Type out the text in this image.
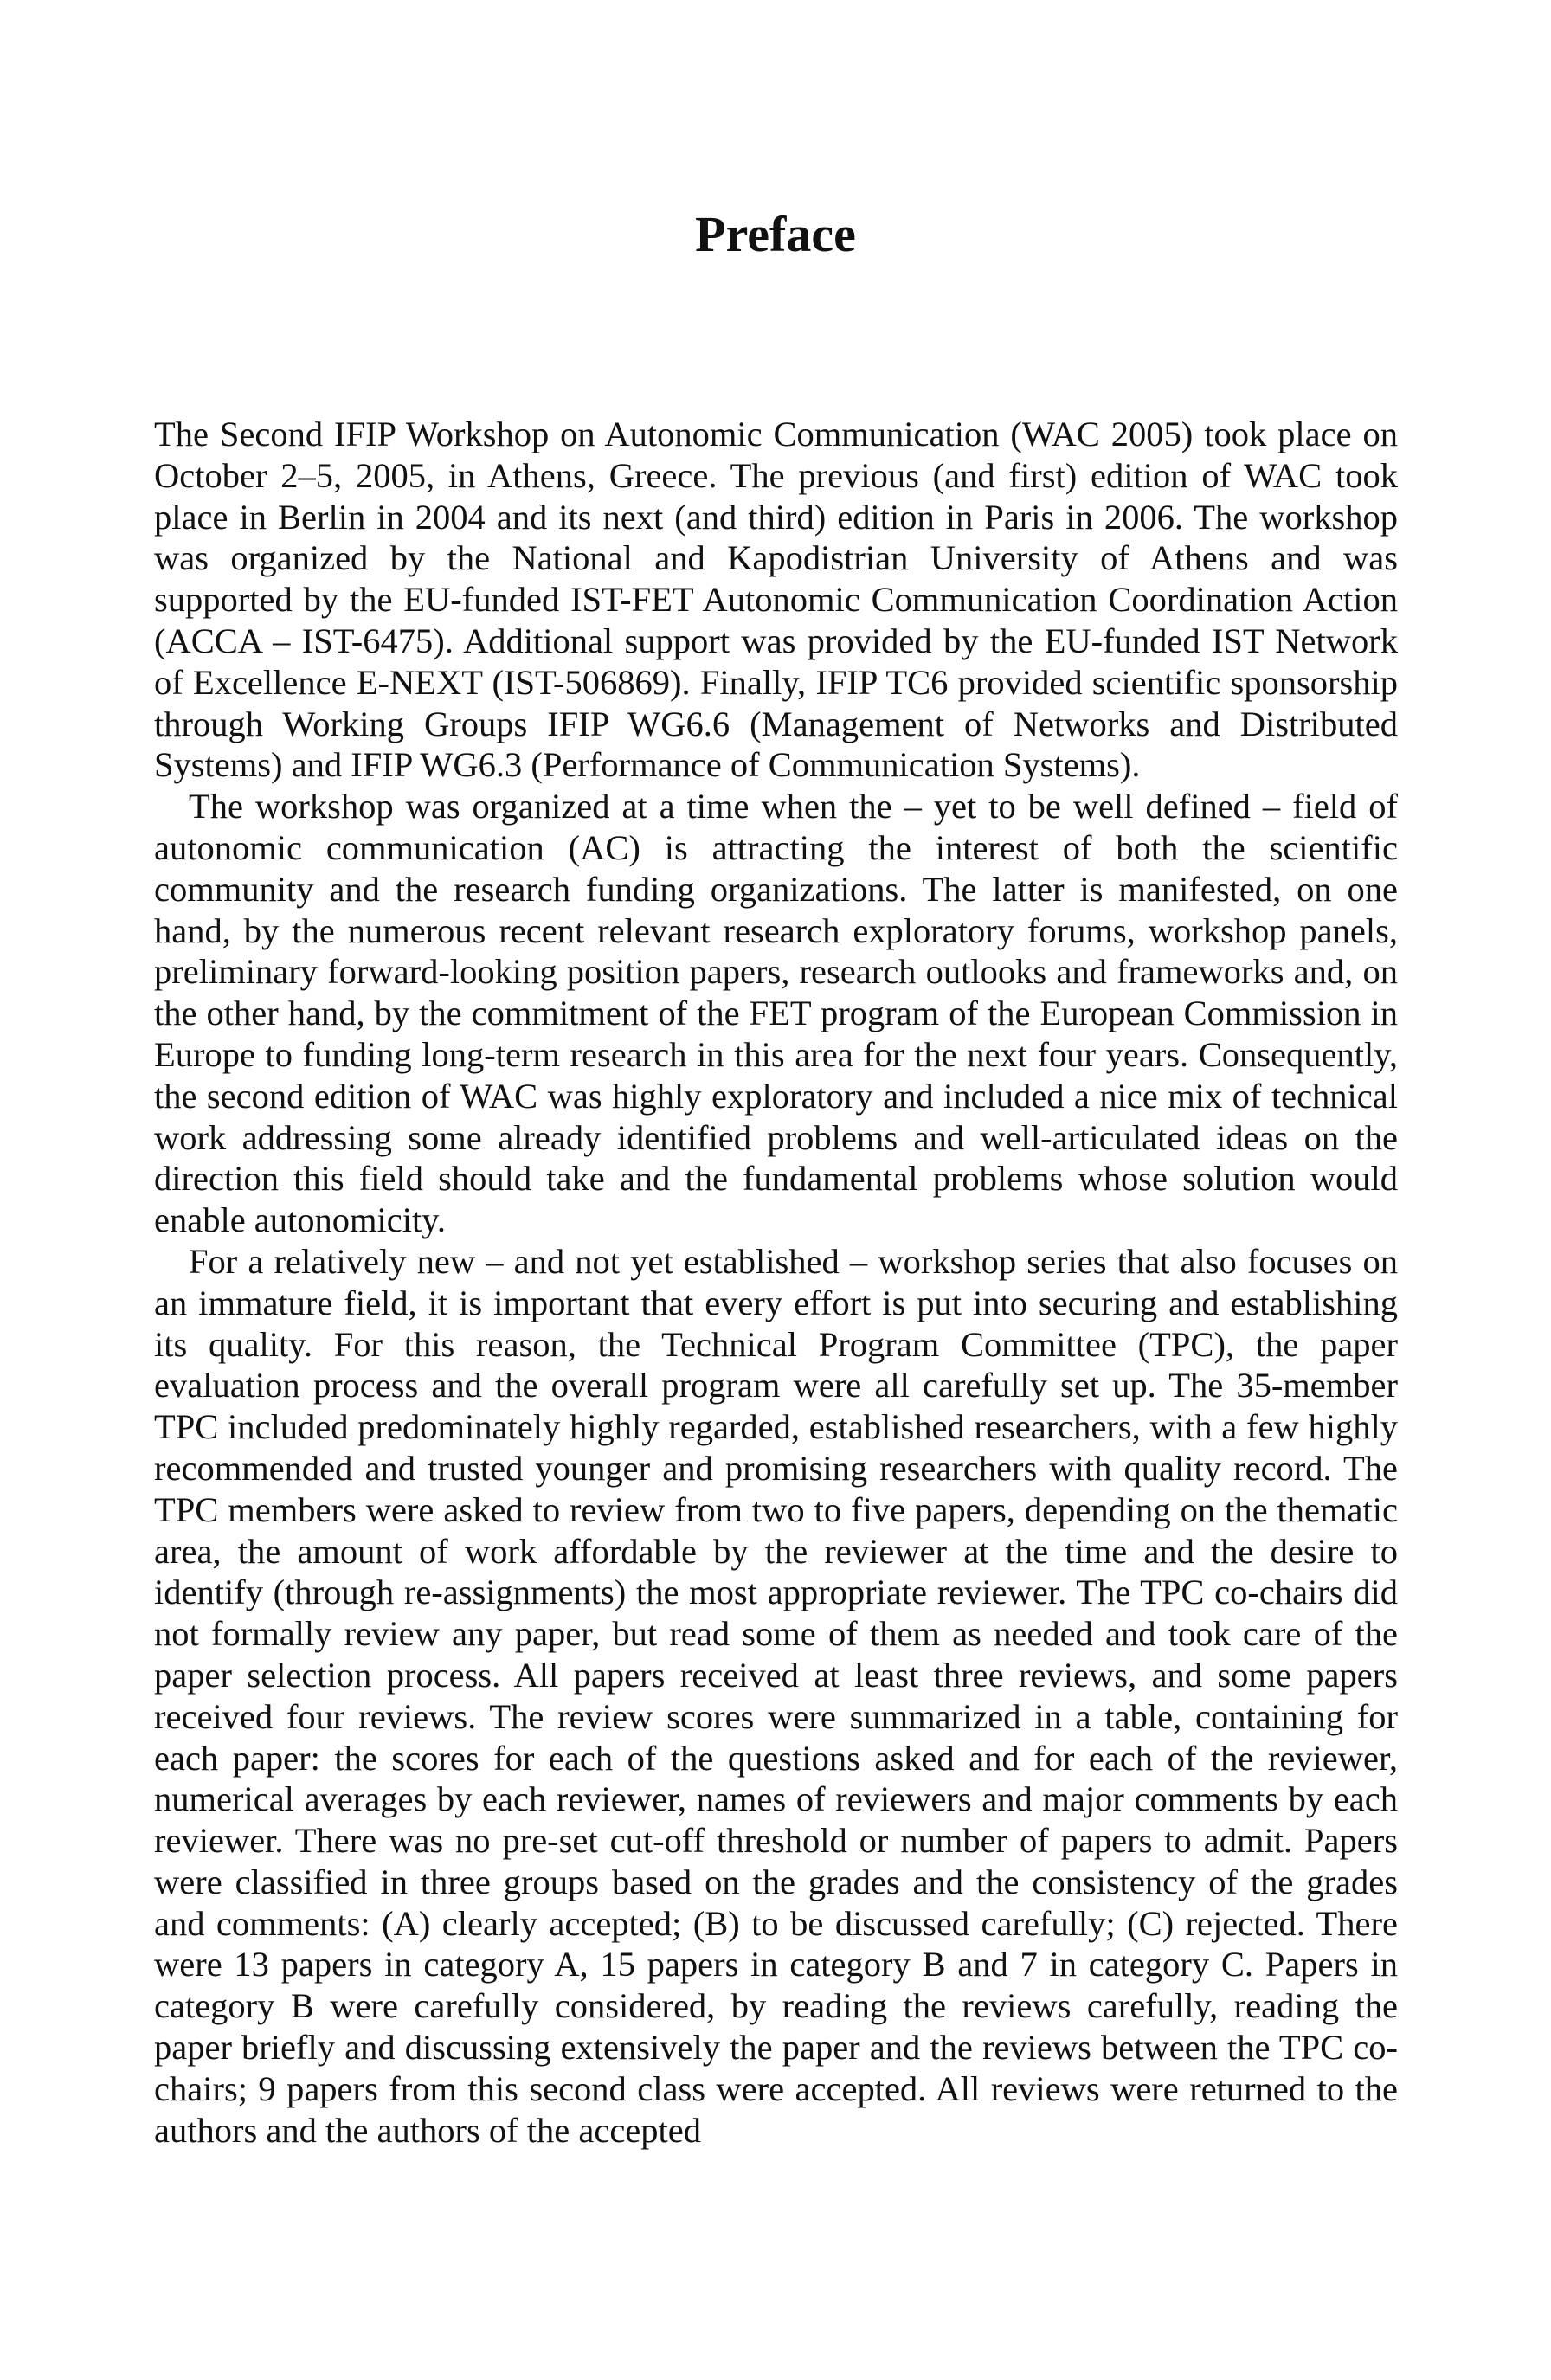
Preface

The Second IFIP Workshop on Autonomic Communication (WAC 2005) took place on October 2–5, 2005, in Athens, Greece. The previous (and first) edition of WAC took place in Berlin in 2004 and its next (and third) edition in Paris in 2006. The workshop was organized by the National and Kapodistrian University of Athens and was supported by the EU-funded IST-FET Autonomic Communication Coordination Action (ACCA – IST-6475). Additional support was provided by the EU-funded IST Network of Excellence E-NEXT (IST-506869). Finally, IFIP TC6 provided scientific sponsorship through Working Groups IFIP WG6.6 (Management of Networks and Distributed Systems) and IFIP WG6.3 (Performance of Communication Systems).

The workshop was organized at a time when the – yet to be well defined – field of autonomic communication (AC) is attracting the interest of both the scientific community and the research funding organizations. The latter is manifested, on one hand, by the numerous recent relevant research exploratory forums, workshop panels, preliminary forward-looking position papers, research outlooks and frameworks and, on the other hand, by the commitment of the FET program of the European Commission in Europe to funding long-term research in this area for the next four years. Consequently, the second edition of WAC was highly exploratory and included a nice mix of technical work addressing some already identified problems and well-articulated ideas on the direction this field should take and the fundamental problems whose solution would enable autonomicity.

For a relatively new – and not yet established – workshop series that also focuses on an immature field, it is important that every effort is put into securing and establishing its quality. For this reason, the Technical Program Committee (TPC), the paper evaluation process and the overall program were all carefully set up. The 35-member TPC included predominately highly regarded, established researchers, with a few highly recommended and trusted younger and promising researchers with quality record. The TPC members were asked to review from two to five papers, depending on the thematic area, the amount of work affordable by the reviewer at the time and the desire to identify (through re-assignments) the most appropriate reviewer. The TPC co-chairs did not formally review any paper, but read some of them as needed and took care of the paper selection process. All papers received at least three reviews, and some papers received four reviews. The review scores were summarized in a table, containing for each paper: the scores for each of the questions asked and for each of the reviewer, numerical averages by each reviewer, names of reviewers and major comments by each reviewer. There was no pre-set cut-off threshold or number of papers to admit. Papers were classified in three groups based on the grades and the consistency of the grades and comments: (A) clearly accepted; (B) to be discussed carefully; (C) rejected. There were 13 papers in category A, 15 papers in category B and 7 in category C. Papers in category B were carefully considered, by reading the reviews carefully, reading the paper briefly and discussing extensively the paper and the reviews between the TPC co-chairs; 9 papers from this second class were accepted. All reviews were returned to the authors and the authors of the accepted
